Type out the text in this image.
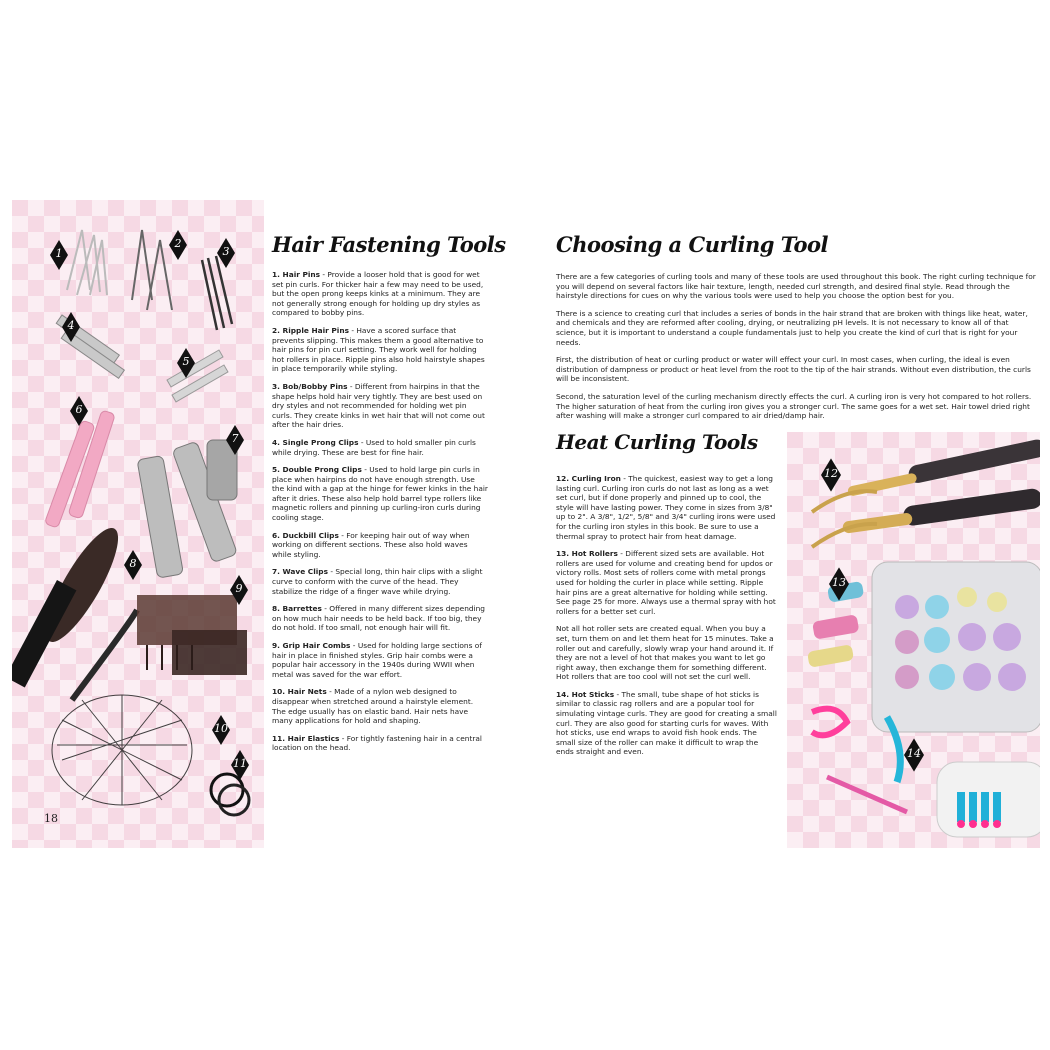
1
2
3
4
5
6
7
8
9
10
11
18
Hair Fastening Tools

1. Hair Pins - Provide a looser hold that is good for wet set pin curls. For thicker hair a few may need to be used, but the open prong keeps kinks at a minimum. They are not generally strong enough for holding up dry styles as compared to bobby pins.

2. Ripple Hair Pins - Have a scored surface that prevents slipping. This makes them a good alternative to hair pins for pin curl setting. They work well for holding hot rollers in place. Ripple pins also hold hairstyle shapes in place temporarily while styling.

3. Bob/Bobby Pins - Different from hairpins in that the shape helps hold hair very tightly. They are best used on dry styles and not recommended for holding wet pin curls. They create kinks in wet hair that will not come out after the hair dries.

4. Single Prong Clips - Used to hold smaller pin curls while drying. These are best for fine hair.

5. Double Prong Clips - Used to hold large pin curls in place when hairpins do not have enough strength. Use the kind with a gap at the hinge for fewer kinks in the hair after it dries. These also help hold barrel type rollers like magnetic rollers and pinning up curling-iron curls during cooling stage.

6. Duckbill Clips - For keeping hair out of way when working on different sections. These also hold waves while styling.

7. Wave Clips - Special long, thin hair clips with a slight curve to conform with the curve of the head. They stabilize the ridge of a finger wave while drying.

8. Barrettes - Offered in many different sizes depending on how much hair needs to be held back. If too big, they do not hold. If too small, not enough hair will fit.

9. Grip Hair Combs - Used for holding large sections of hair in place in finished styles. Grip hair combs were a popular hair accessory in the 1940s during WWII when metal was saved for the war effort.

10. Hair Nets - Made of a nylon web designed to disappear when stretched around a hairstyle element. The edge usually has on elastic band. Hair nets have many applications for hold and shaping.

11. Hair Elastics - For tightly fastening hair in a central location on the head.

Choosing a Curling Tool

There are a few categories of curling tools and many of these tools are used throughout this book. The right curling technique for you will depend on several factors like hair texture, length, needed curl strength, and desired final style. Read through the hairstyle directions for cues on why the various tools were used to help you choose the option best for you.

There is a science to creating curl that includes a series of bonds in the hair strand that are broken with things like heat, water, and chemicals and they are reformed after cooling, drying, or neutralizing pH levels. It is not necessary to know all of that science, but it is important to understand a couple fundamentals just to help you create the kind of curl that is right for your needs.

First, the distribution of heat or curling product or water will effect your curl. In most cases, when curling, the ideal is even distribution of dampness or product or heat level from the root to the tip of the hair strands. Without even distribution, the curls will be inconsistent.

Second, the saturation level of the curling mechanism directly effects the curl. A curling iron is very hot compared to hot rollers. The higher saturation of heat from the curling iron gives you a stronger curl. The same goes for a wet set. Hair towel dried right after washing will make a stronger curl compared to air dried/damp hair.

Heat Curling Tools

12. Curling Iron - The quickest, easiest way to get a long lasting curl. Curling iron curls do not last as long as a wet set curl, but if done properly and pinned up to cool, the style will have lasting power. They come in sizes from 3/8" up to 2". A 3/8", 1/2", 5/8" and 3/4" curling irons were used for the curling iron styles in this book. Be sure to use a thermal spray to protect hair from heat damage.

13. Hot Rollers - Different sized sets are available. Hot rollers are used for volume and creating bend for updos or victory rolls. Most sets of rollers come with metal prongs used for holding the curler in place while setting. Ripple hair pins are a great alternative for holding while setting. See page 25 for more. Always use a thermal spray with hot rollers for a better set curl.

Not all hot roller sets are created equal. When you buy a set, turn them on and let them heat for 15 minutes. Take a roller out and carefully, slowly wrap your hand around it. If they are not a level of hot that makes you want to let go right away, then exchange them for something different. Hot rollers that are too cool will not set the curl well.

14. Hot Sticks - The small, tube shape of hot sticks is similar to classic rag rollers and are a popular tool for simulating vintage curls. They are good for creating a small curl. They are also good for starting curls for waves. With hot sticks, use end wraps to avoid fish hook ends. The small size of the roller can make it difficult to wrap the ends straight and even.

12
13
14
